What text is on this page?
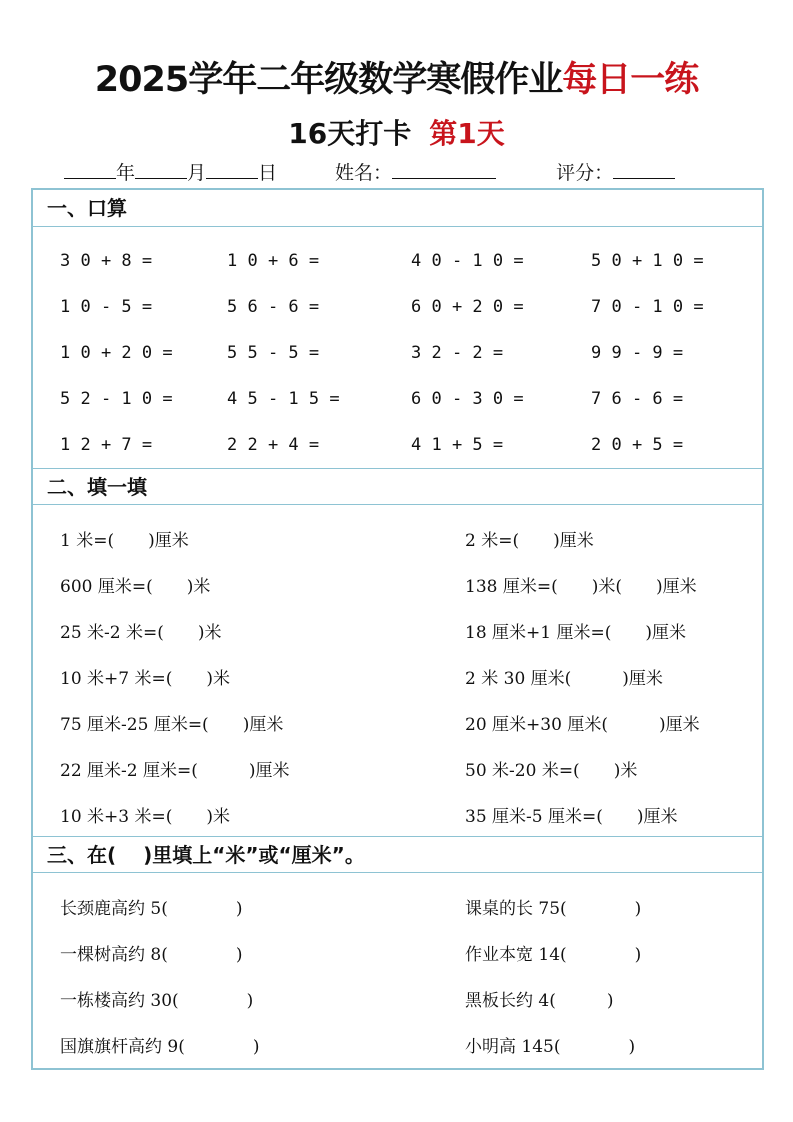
2025学年二年级数学寒假作业每日一练
16天打卡 第1天
年	月	日	姓名：	评分：
一、口算
3 0 + 8 =	1 0 + 6 =	4 0 - 1 0 =	5 0 + 1 0 =
1 0 - 5 =	5 6 - 6 =	6 0 + 2 0 =	7 0 - 1 0 =
1 0 + 2 0 =	5 5 - 5 =	3 2 - 2 =	9 9 - 9 =
5 2 - 1 0 =	4 5 - 1 5 =	6 0 - 3 0 =	7 6 - 6 =
1 2 + 7 =	2 2 + 4 =	4 1 + 5 =	2 0 + 5 =
二、填一填
1 米=(　　)厘米	2 米=(　　)厘米
600 厘米=(　　)米	138 厘米=(　　)米(　　)厘米
25 米-2 米=(　　)米	18 厘米+1 厘米=(　　)厘米
10 米+7 米=(　　)米	2 米 30 厘米(　　　)厘米
75 厘米-25 厘米=(　　)厘米	20 厘米+30 厘米(　　　)厘米
22 厘米-2 厘米=(　　　)厘米	50 米-20 米=(　　)米
10 米+3 米=(　　)米	35 厘米-5 厘米=(　　)厘米
三、在(　 )里填上“米”或“厘米”。
长颈鹿高约 5(　　　　)	课桌的长 75(　　　　)
一棵树高约 8(　　　　)	作业本宽 14(　　　　)
一栋楼高约 30(　　　　)	黑板长约 4(　　　)
国旗旗杆高约 9(　　　　)	小明高 145(　　　　)
